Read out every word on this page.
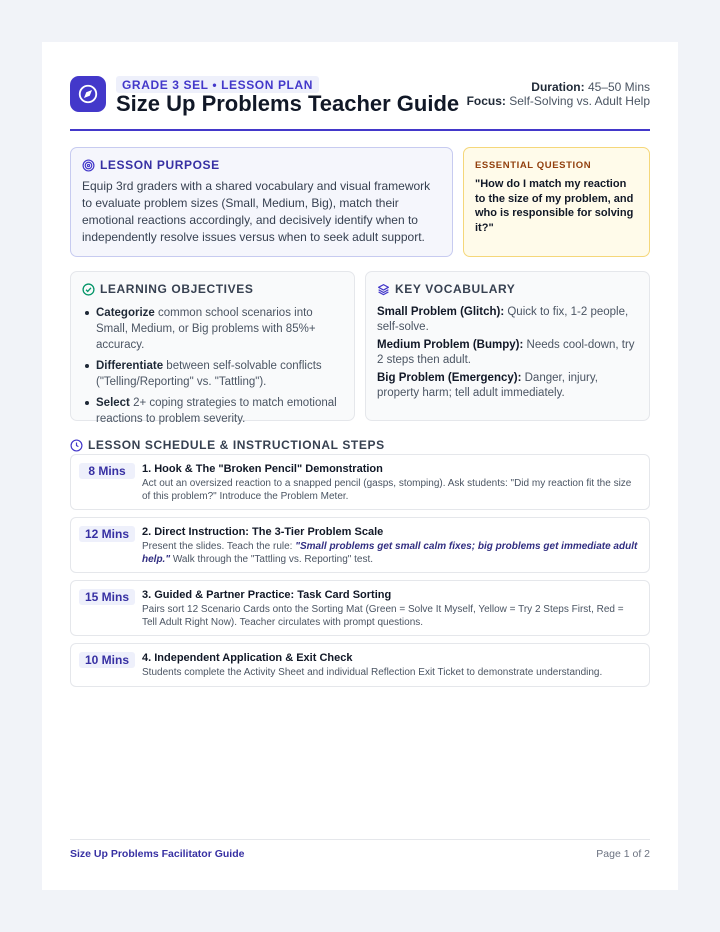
GRADE 3 SEL • LESSON PLAN
Size Up Problems Teacher Guide
Duration: 45–50 Mins
Focus: Self-Solving vs. Adult Help
LESSON PURPOSE

Equip 3rd graders with a shared vocabulary and visual framework to evaluate problem sizes (Small, Medium, Big), match their emotional reactions accordingly, and decisively identify when to independently resolve issues versus when to seek adult support.

ESSENTIAL QUESTION

"How do I match my reaction to the size of my problem, and who is responsible for solving it?"

LEARNING OBJECTIVES
Categorize common school scenarios into Small, Medium, or Big problems with 85%+ accuracy.
Differentiate between self-solvable conflicts ("Telling/Reporting" vs. "Tattling").
Select 2+ coping strategies to match emotional reactions to problem severity.
KEY VOCABULARY

Small Problem (Glitch): Quick to fix, 1-2 people, self-solve.

Medium Problem (Bumpy): Needs cool-down, try 2 steps then adult.

Big Problem (Emergency): Danger, injury, property harm; tell adult immediately.

LESSON SCHEDULE & INSTRUCTIONAL STEPS
8 Mins	1. Hook & The "Broken Pencil" Demonstration

Act out an oversized reaction to a snapped pencil (gasps, stomping). Ask students: "Did my reaction fit the size of this problem?" Introduce the Problem Meter.

12 Mins	2. Direct Instruction: The 3-Tier Problem Scale

Present the slides. Teach the rule: "Small problems get small calm fixes; big problems get immediate adult help." Walk through the "Tattling vs. Reporting" test.

15 Mins	3. Guided & Partner Practice: Task Card Sorting

Pairs sort 12 Scenario Cards onto the Sorting Mat (Green = Solve It Myself, Yellow = Try 2 Steps First, Red = Tell Adult Right Now). Teacher circulates with prompt questions.

10 Mins	4. Independent Application & Exit Check

Students complete the Activity Sheet and individual Reflection Exit Ticket to demonstrate understanding.

Size Up Problems Facilitator Guide	Page 1 of 2
